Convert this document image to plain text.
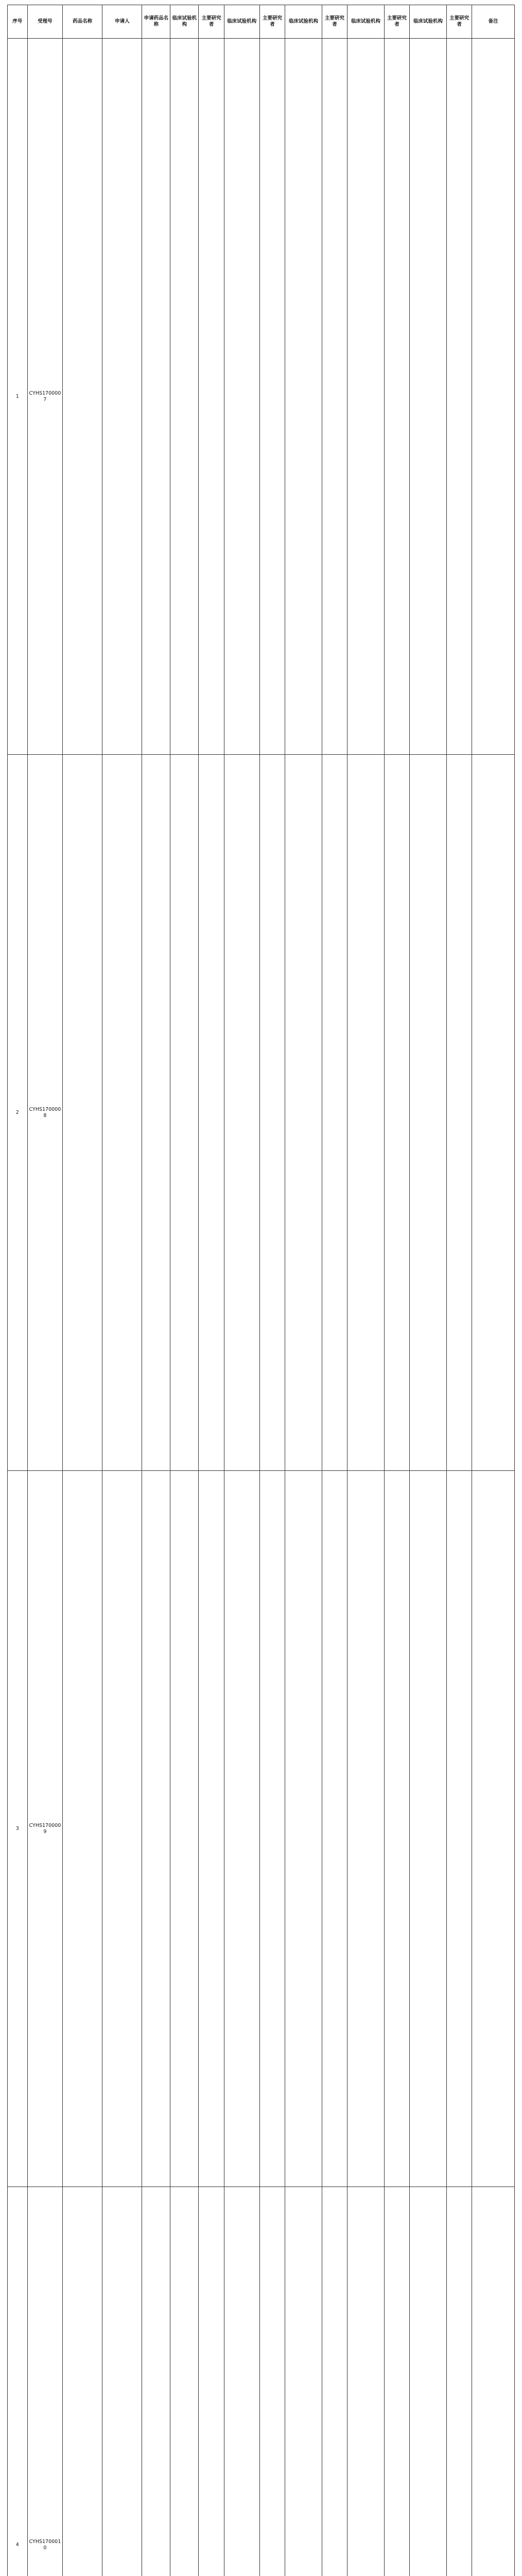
序号	受理号	药品名称	申请人	申请药品名称	临床试验机构	主要研究者	临床试验机构	主要研究者	临床试验机构	主要研究者	临床试验机构	主要研究者	临床试验机构	主要研究者	备注
1	CYHS1700007														
2	CYHS1700008														
3	CYHS1700009														
4	CYHS1700010														
